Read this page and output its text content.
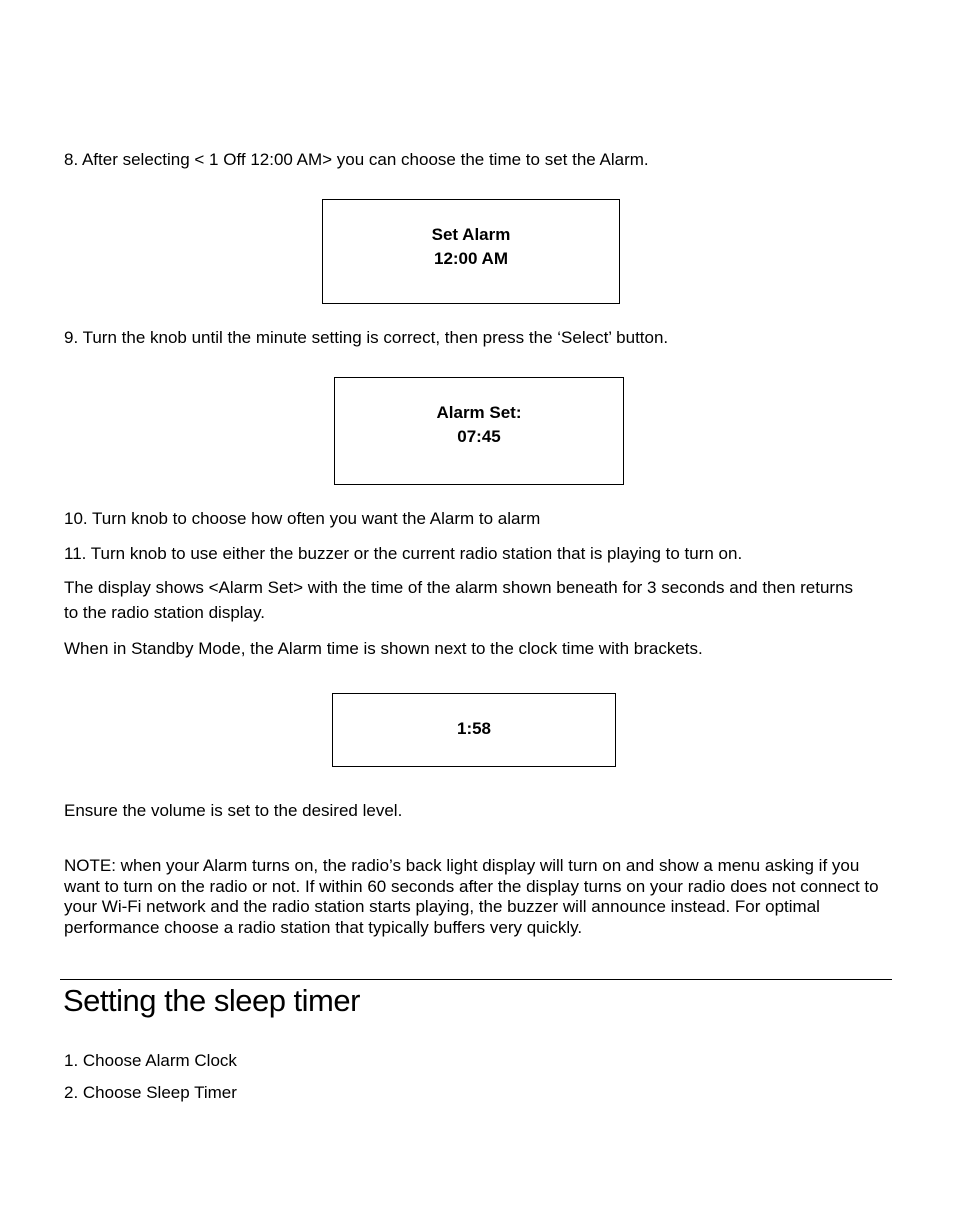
8. After selecting < 1 Off 12:00 AM> you can choose the time to set the Alarm.

Set Alarm
12:00 AM

9. Turn the knob until the minute setting is correct, then press the ‘Select’ button.

Alarm Set:
07:45

10. Turn knob to choose how often you want the Alarm to alarm

11. Turn knob to use either the buzzer or the current radio station that is playing to turn on.

The display shows <Alarm Set> with the time of the alarm shown beneath for 3 seconds and then returns to the radio station display.

When in Standby Mode, the Alarm time is shown next to the clock time with brackets.

1:58

Ensure the volume is set to the desired level.

NOTE: when your Alarm turns on, the radio’s back light display will turn on and show a menu asking if you want to turn on the radio or not. If within 60 seconds after the display turns on your radio does not connect to your Wi-Fi network and the radio station starts playing, the buzzer will announce instead. For optimal performance choose a radio station that typically buffers very quickly.

Setting the sleep timer

1. Choose Alarm Clock

2. Choose Sleep Timer
